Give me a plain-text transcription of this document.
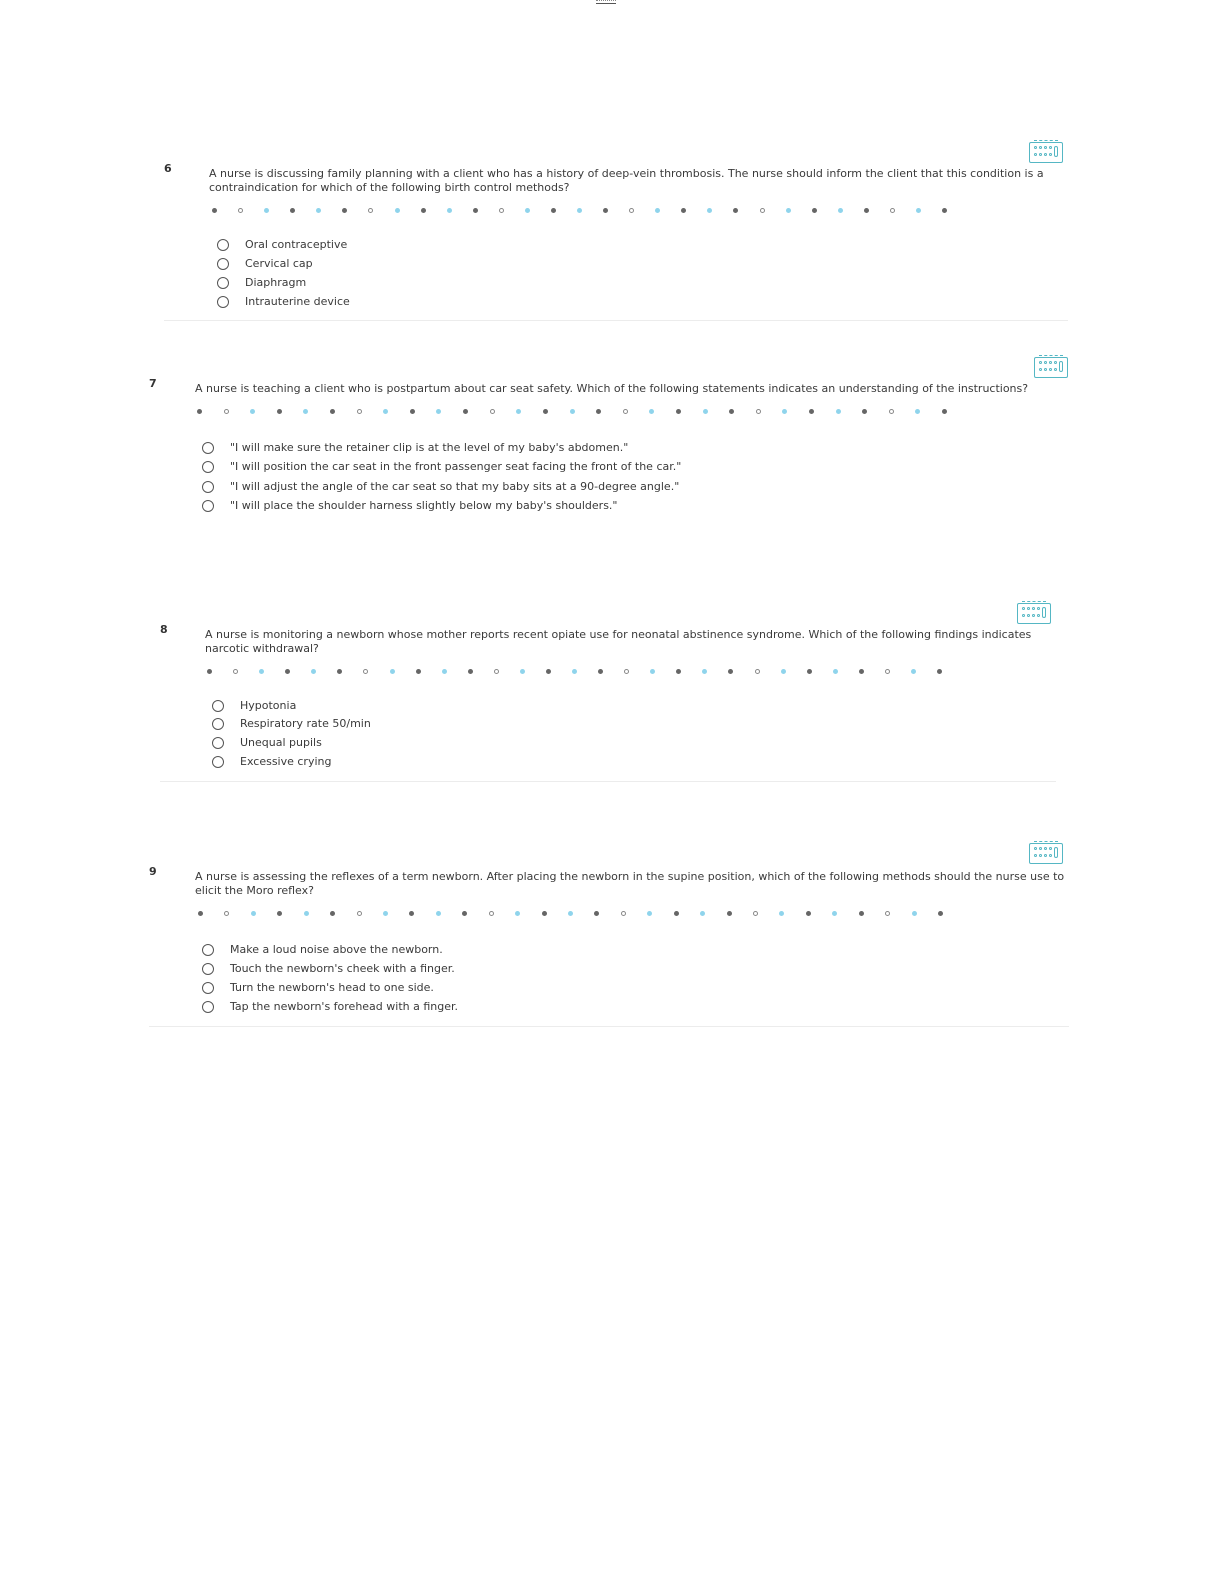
6	A nurse is discussing family planning with a client who has a history of deep-vein thrombosis. The nurse should inform the client that this condition is a contraindication for which of the following birth control methods?
Oral contraceptive
Cervical cap
Diaphragm
Intrauterine device
7	A nurse is teaching a client who is postpartum about car seat safety. Which of the following statements indicates an understanding of the instructions?
"I will make sure the retainer clip is at the level of my baby's abdomen."
"I will position the car seat in the front passenger seat facing the front of the car."
"I will adjust the angle of the car seat so that my baby sits at a 90-degree angle."
"I will place the shoulder harness slightly below my baby's shoulders."
8	A nurse is monitoring a newborn whose mother reports recent opiate use for neonatal abstinence syndrome. Which of the following findings indicates narcotic withdrawal?
Hypotonia
Respiratory rate 50/min
Unequal pupils
Excessive crying
9	A nurse is assessing the reflexes of a term newborn. After placing the newborn in the supine position, which of the following methods should the nurse use to elicit the Moro reflex?
Make a loud noise above the newborn.
Touch the newborn's cheek with a finger.
Turn the newborn's head to one side.
Tap the newborn's forehead with a finger.
